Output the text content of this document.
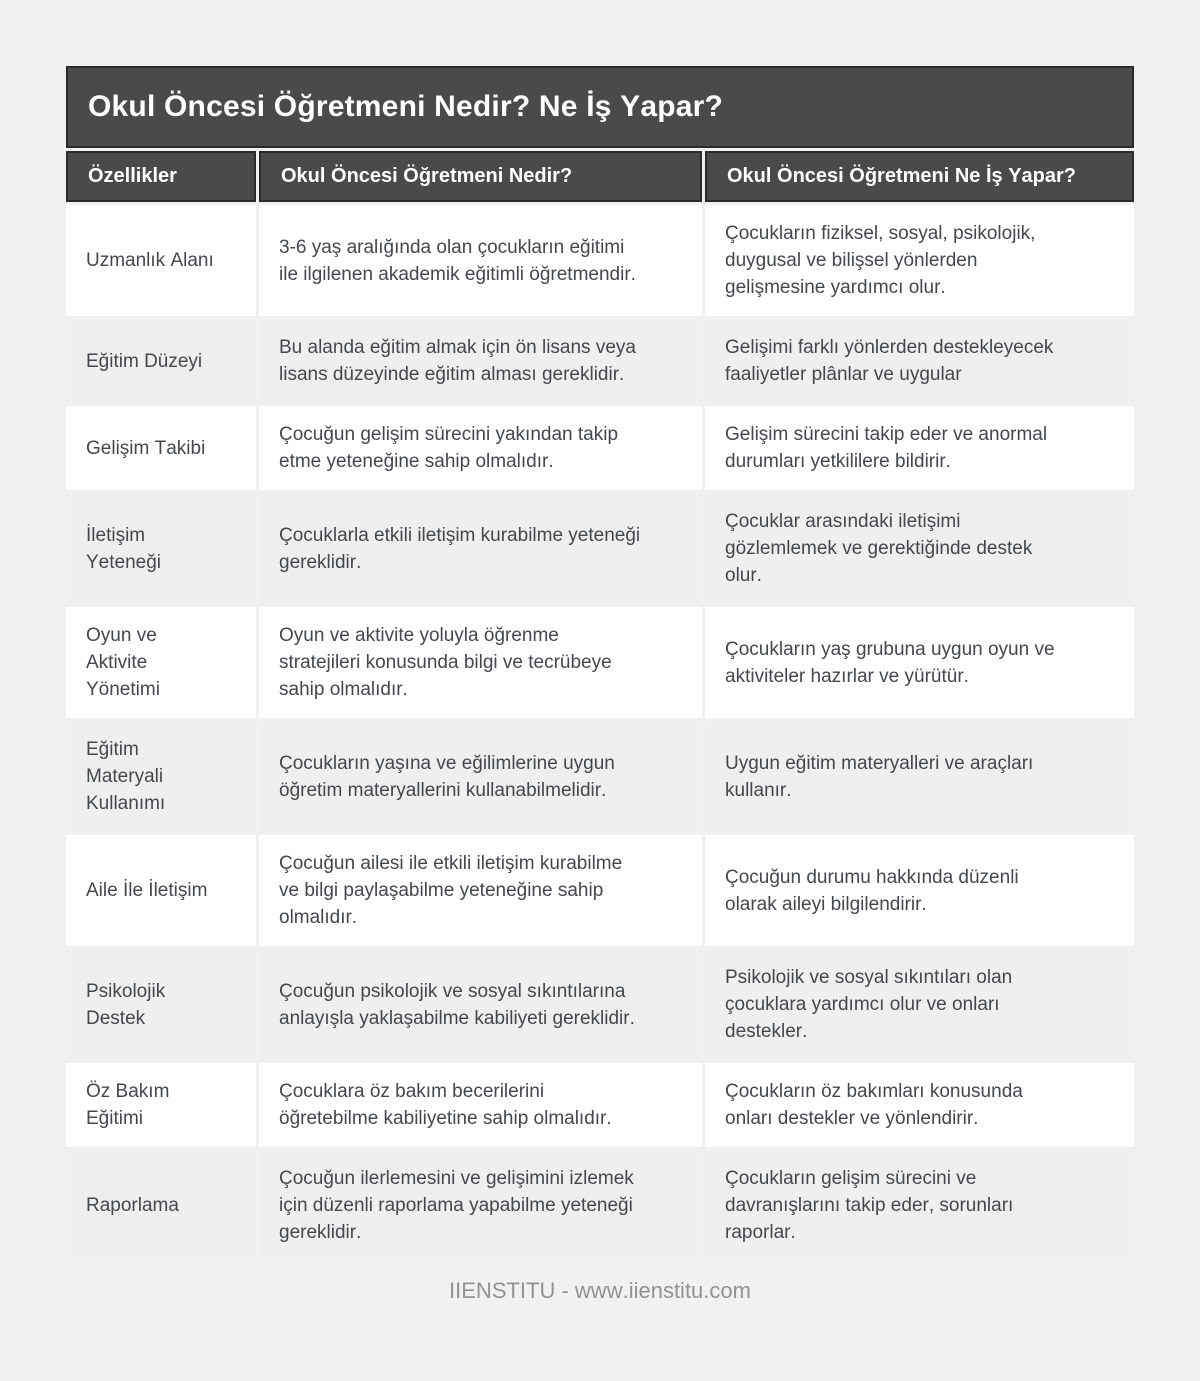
Okul Öncesi Öğretmeni Nedir? Ne İş Yapar?		
Özellikler	Okul Öncesi Öğretmeni Nedir?	Okul Öncesi Öğretmeni Ne İş Yapar?
Uzmanlık Alanı	3-6 yaş aralığında olan çocukların eğitimi ile ilgilenen akademik eğitimli öğretmendir.	Çocukların fiziksel, sosyal, psikolojik, duygusal ve bilişsel yönlerden gelişmesine yardımcı olur.
Eğitim Düzeyi	Bu alanda eğitim almak için ön lisans veya lisans düzeyinde eğitim alması gereklidir.	Gelişimi farklı yönlerden destekleyecek faaliyetler plânlar ve uygular
Gelişim Takibi	Çocuğun gelişim sürecini yakından takip etme yeteneğine sahip olmalıdır.	Gelişim sürecini takip eder ve anormal durumları yetkililere bildirir.
İletişim Yeteneği	Çocuklarla etkili iletişim kurabilme yeteneği gereklidir.	Çocuklar arasındaki iletişimi gözlemlemek ve gerektiğinde destek olur.
Oyun ve Aktivite Yönetimi	Oyun ve aktivite yoluyla öğrenme stratejileri konusunda bilgi ve tecrübeye sahip olmalıdır.	Çocukların yaş grubuna uygun oyun ve aktiviteler hazırlar ve yürütür.
Eğitim Materyali Kullanımı	Çocukların yaşına ve eğilimlerine uygun öğretim materyallerini kullanabilmelidir.	Uygun eğitim materyalleri ve araçları kullanır.
Aile İle İletişim	Çocuğun ailesi ile etkili iletişim kurabilme ve bilgi paylaşabilme yeteneğine sahip olmalıdır.	Çocuğun durumu hakkında düzenli olarak aileyi bilgilendirir.
Psikolojik Destek	Çocuğun psikolojik ve sosyal sıkıntılarına anlayışla yaklaşabilme kabiliyeti gereklidir.	Psikolojik ve sosyal sıkıntıları olan çocuklara yardımcı olur ve onları destekler.
Öz Bakım Eğitimi	Çocuklara öz bakım becerilerini öğretebilme kabiliyetine sahip olmalıdır.	Çocukların öz bakımları konusunda onları destekler ve yönlendirir.
Raporlama	Çocuğun ilerlemesini ve gelişimini izlemek için düzenli raporlama yapabilme yeteneği gereklidir.	Çocukların gelişim sürecini ve davranışlarını takip eder, sorunları raporlar.
IIENSTITU - www.iienstitu.com
